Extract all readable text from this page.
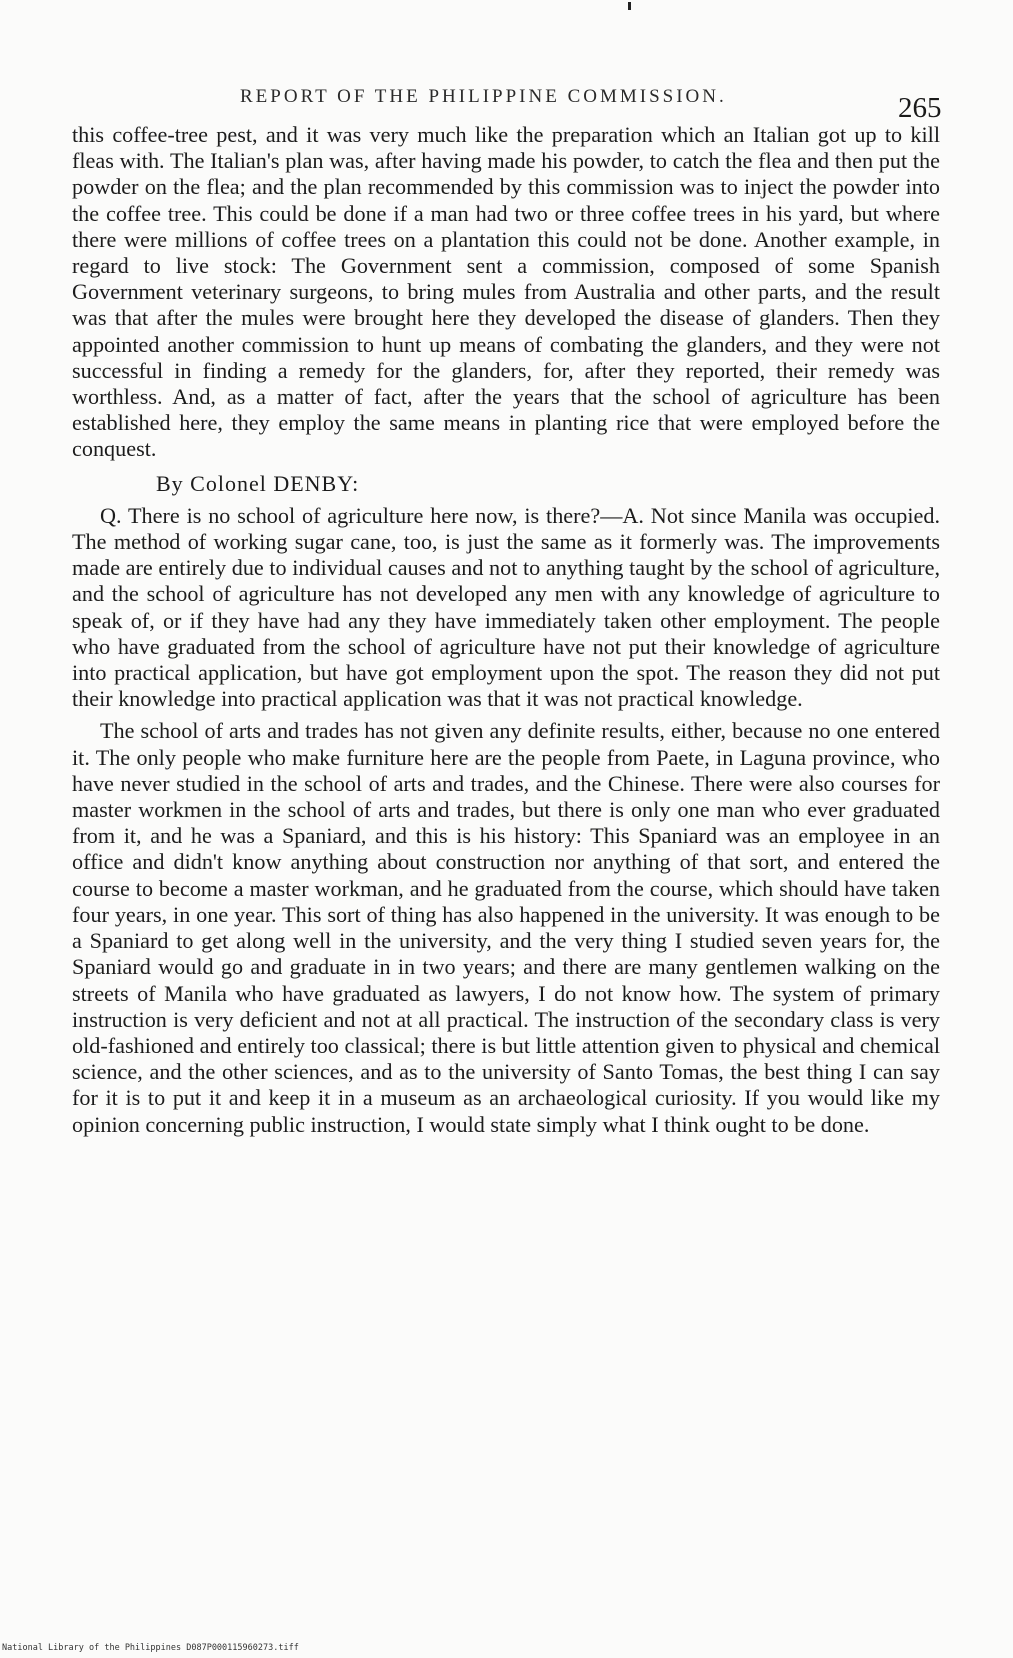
REPORT OF THE PHILIPPINE COMMISSION.	265

this coffee-tree pest, and it was very much like the preparation which an Italian got up to kill fleas with. The Italian's plan was, after having made his powder, to catch the flea and then put the powder on the flea; and the plan recommended by this commission was to inject the powder into the coffee tree. This could be done if a man had two or three coffee trees in his yard, but where there were millions of coffee trees on a plantation this could not be done. Another example, in regard to live stock: The Government sent a commission, composed of some Spanish Government veterinary surgeons, to bring mules from Australia and other parts, and the result was that after the mules were brought here they developed the disease of glanders. Then they appointed another commission to hunt up means of combating the glanders, and they were not successful in finding a remedy for the glanders, for, after they reported, their remedy was worthless. And, as a matter of fact, after the years that the school of agriculture has been established here, they employ the same means in planting rice that were employed before the conquest.

By Colonel DENBY:

Q. There is no school of agriculture here now, is there?—A. Not since Manila was occupied. The method of working sugar cane, too, is just the same as it formerly was. The improvements made are entirely due to individual causes and not to anything taught by the school of agriculture, and the school of agriculture has not developed any men with any knowledge of agriculture to speak of, or if they have had any they have immediately taken other employment. The people who have graduated from the school of agriculture have not put their knowledge of agriculture into practical application, but have got employment upon the spot. The reason they did not put their knowledge into practical application was that it was not practical knowledge.

The school of arts and trades has not given any definite results, either, because no one entered it. The only people who make furniture here are the people from Paete, in Laguna province, who have never studied in the school of arts and trades, and the Chinese. There were also courses for master workmen in the school of arts and trades, but there is only one man who ever graduated from it, and he was a Spaniard, and this is his history: This Spaniard was an employee in an office and didn't know anything about construction nor anything of that sort, and entered the course to become a master workman, and he graduated from the course, which should have taken four years, in one year. This sort of thing has also happened in the university. It was enough to be a Spaniard to get along well in the university, and the very thing I studied seven years for, the Spaniard would go and graduate in in two years; and there are many gentlemen walking on the streets of Manila who have graduated as lawyers, I do not know how. The system of primary instruction is very deficient and not at all practical. The instruction of the secondary class is very old-fashioned and entirely too classical; there is but little attention given to physical and chemical science, and the other sciences, and as to the university of Santo Tomas, the best thing I can say for it is to put it and keep it in a museum as an archaeological curiosity. If you would like my opinion concerning public instruction, I would state simply what I think ought to be done.

National Library of the Philippines D087P000115960273.tiff
